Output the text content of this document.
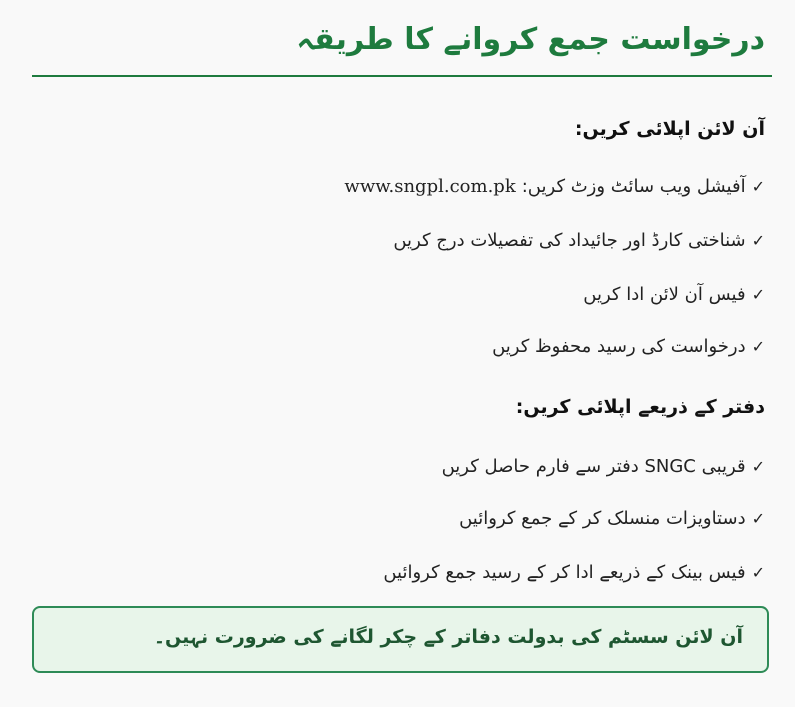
درخواست جمع کروانے کا طریقہ
آن لائن اپلائی کریں:
✓
آفیشل ویب سائٹ وزٹ کریں:
www.sngpl.com.pk
✓
شناختی کارڈ اور جائیداد کی تفصیلات درج کریں
✓
فیس آن لائن ادا کریں
✓
درخواست کی رسید محفوظ کریں
دفتر کے ذریعے اپلائی کریں:
✓
قریبی SNGC دفتر سے فارم حاصل کریں
✓
دستاویزات منسلک کر کے جمع کروائیں
✓
فیس بینک کے ذریعے ادا کر کے رسید جمع کروائیں
آن لائن سسٹم کی بدولت دفاتر کے چکر لگانے کی ضرورت نہیں۔
